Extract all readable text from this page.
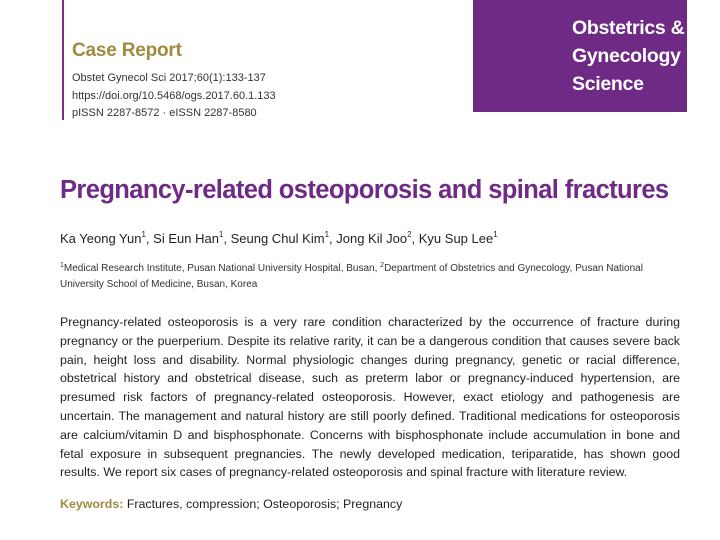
Obstetrics &
Gynecology
Science
Case Report
Obstet Gynecol Sci 2017;60(1):133-137
https://doi.org/10.5468/ogs.2017.60.1.133
pISSN 2287-8572 · eISSN 2287-8580
Pregnancy-related osteoporosis and spinal fractures
Ka Yeong Yun$^1$, Si Eun Han$^1$, Seung Chul Kim$^1$, Jong Kil Joo$^2$, Kyu Sup Lee$^1$
$^1$Medical Research Institute, Pusan National University Hospital, Busan, $^2$Department of Obstetrics and Gynecology, Pusan National University School of Medicine, Busan, Korea
Pregnancy-related osteoporosis is a very rare condition characterized by the occurrence of fracture during pregnancy or the puerperium. Despite its relative rarity, it can be a dangerous condition that causes severe back pain, height loss and disability. Normal physiologic changes during pregnancy, genetic or racial difference, obstetrical history and obstetrical disease, such as preterm labor or pregnancy-induced hypertension, are presumed risk factors of pregnancy-related osteoporosis. However, exact etiology and pathogenesis are uncertain. The management and natural history are still poorly defined. Traditional medications for osteoporosis are calcium/vitamin D and bisphosphonate. Concerns with bisphosphonate include accumulation in bone and fetal exposure in subsequent pregnancies. The newly developed medication, teriparatide, has shown good results. We report six cases of pregnancy-related osteoporosis and spinal fracture with literature review.
Keywords: Fractures, compression; Osteoporosis; Pregnancy
